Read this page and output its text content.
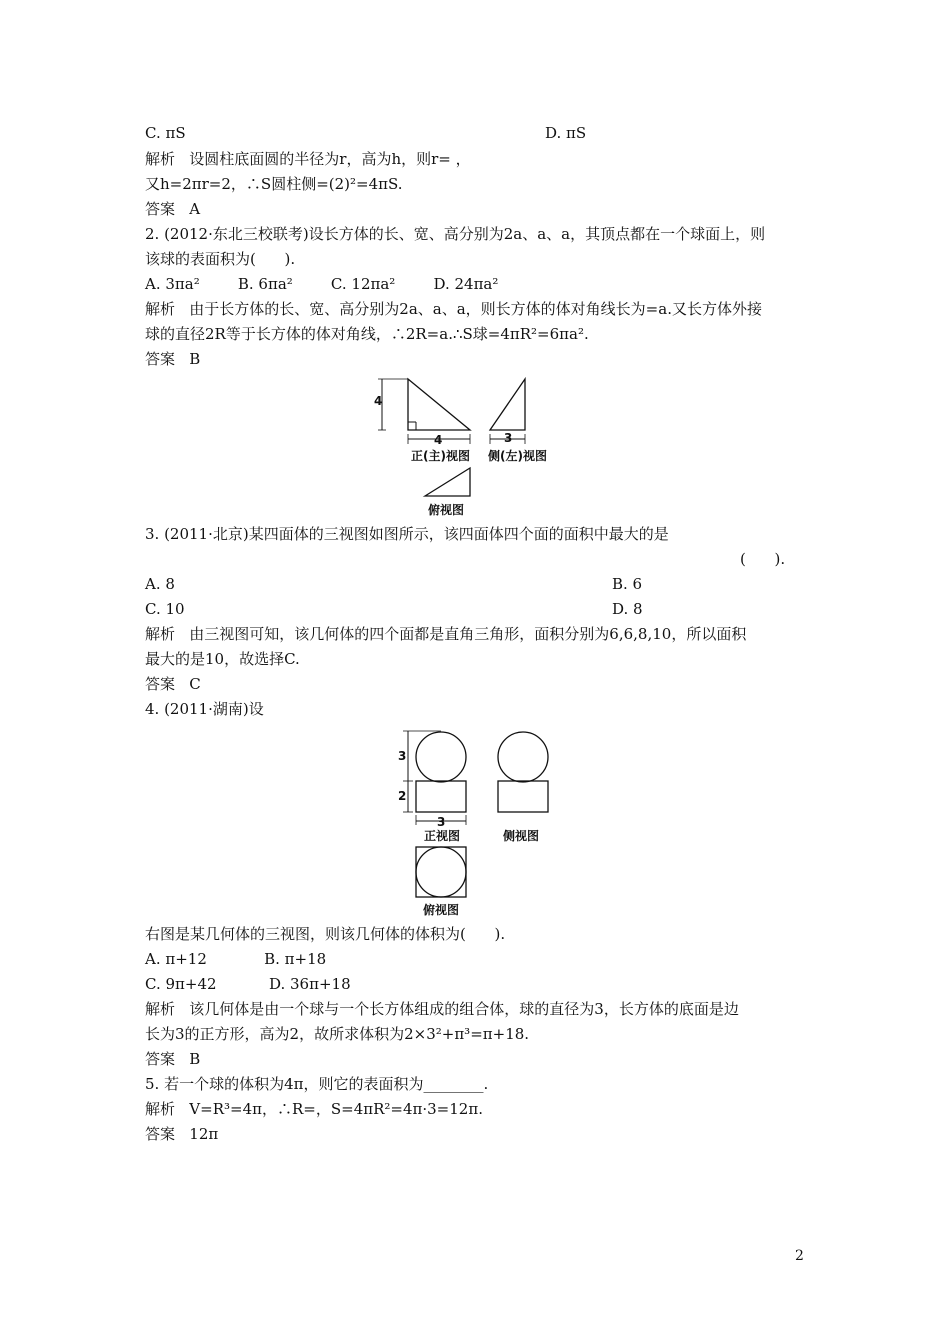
C. πS	D. πS
解析   设圆柱底面圆的半径为r，高为h，则r= ，
又h=2πr=2，∴S圆柱侧=(2)²=4πS.
答案   A
2. (2012·东北三校联考)设长方体的长、宽、高分别为2a、a、a，其顶点都在一个球面上，则
该球的表面积为(      ).
A. 3πa²        B. 6πa²        C. 12πa²        D. 24πa²
解析   由于长方体的长、宽、高分别为2a、a、a，则长方体的体对角线长为=a.又长方体外接
球的直径2R等于长方体的体对角线，∴2R=a.∴S球=4πR²=6πa².
答案   B
4
4	3
正(主)视图 侧(左)视图
俯视图
3. (2011·北京)某四面体的三视图如图所示，该四面体四个面的面积中最大的是
(      ).
A. 8	B. 6
C. 10	D. 8
解析   由三视图可知，该几何体的四个面都是直角三角形，面积分别为6,6,8,10，所以面积
最大的是10，故选择C.
答案   C
4. (2011·湖南)设
3
2
3
正视图	侧视图
俯视图
右图是某几何体的三视图，则该几何体的体积为(      ).
A. π+12            B. π+18
C. 9π+42           D. 36π+18
解析   该几何体是由一个球与一个长方体组成的组合体，球的直径为3，长方体的底面是边
长为3的正方形，高为2，故所求体积为2×3²+π³=π+18.
答案   B
5. 若一个球的体积为4π，则它的表面积为________.
解析   V=R³=4π，∴R=，S=4πR²=4π·3=12π.
答案   12π
2
